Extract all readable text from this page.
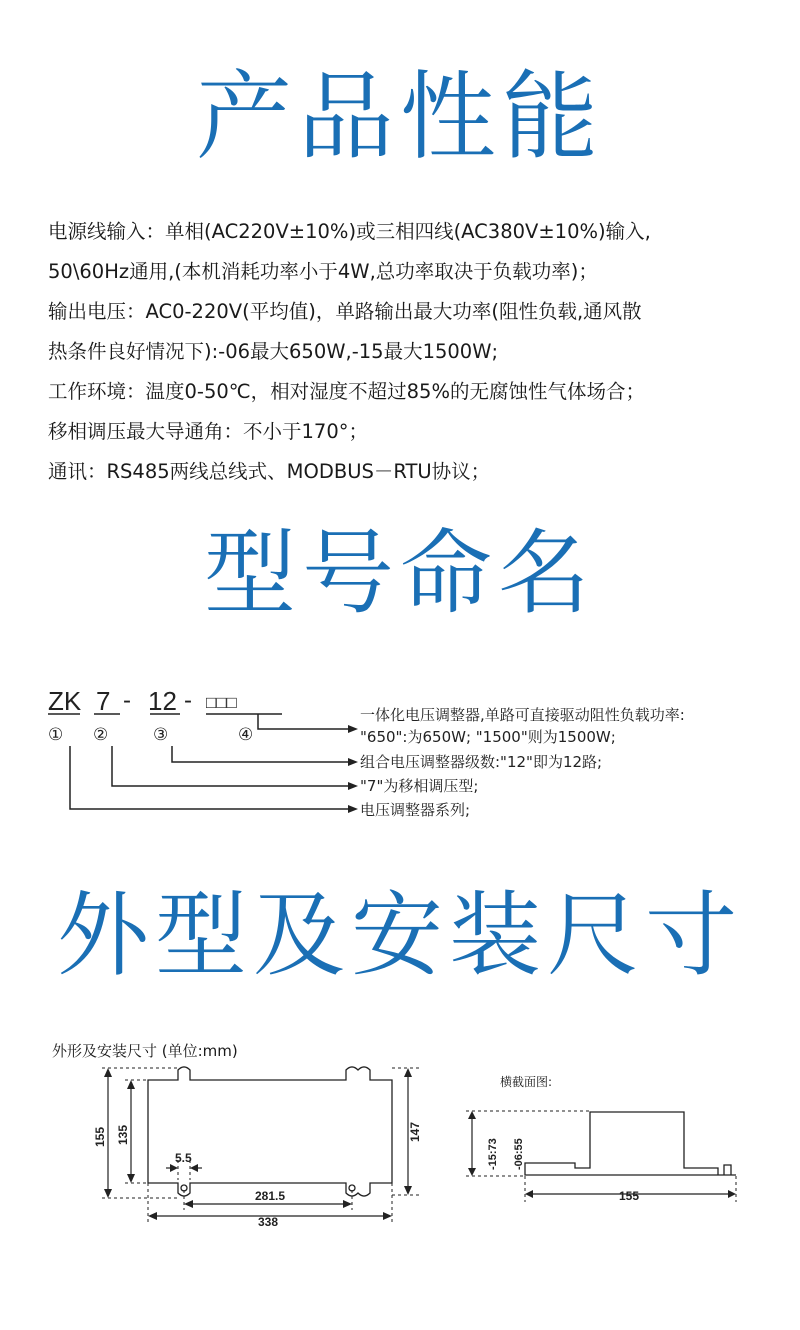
产品性能
型号命名
外型及安装尺寸

电源线输入：单相(AC220V±10%)或三相四线(AC380V±10%)输入,

50\60Hz通用,(本机消耗功率小于4W,总功率取决于负载功率)；

输出电压：AC0-220V(平均值)，单路输出最大功率(阻性负载,通风散

热条件良好情况下):-06最大650W,-15最大1500W;

工作环境：温度0-50℃，相对湿度不超过85%的无腐蚀性气体场合；

移相调压最大导通角：不小于170°；

通讯：RS485两线总线式、MODBUS－RTU协议；

ZK 7 - 12 - □□□
① ②	③	④
一体化电压调整器,单路可直接驱动阻性负载功率:
"650":为650W; "1500"则为1500W;
组合电压调整器级数:"12"即为12路;
"7"为移相调压型;
电压调整器系列;
外形及安装尺寸 (单位:mm)
横截面图:
155 135	147
5.5
281.5
338
-15:73 -06:55
155
